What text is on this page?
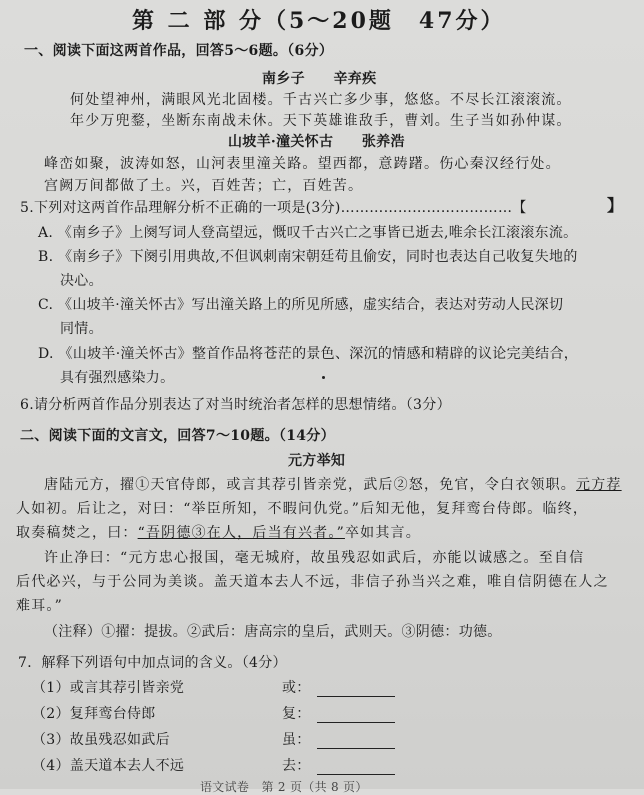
第 二 部 分（5～20题　47分）
一、阅读下面这两首作品，回答5～6题。（6分）
南乡子　　辛弃疾
何处望神州，满眼风光北固楼。千古兴亡多少事，悠悠。不尽长江滚滚流。
年少万兜鍪，坐断东南战未休。天下英雄谁敌手，曹刘。生子当如孙仲谋。
山坡羊·潼关怀古　　张养浩
峰峦如聚，波涛如怒，山河表里潼关路。望西都，意踌躇。伤心秦汉经行处。
宫阙万间都做了土。兴，百姓苦；亡，百姓苦。
5.下列对这两首作品理解分析不正确的一项是(3分)………………………………【	】
A. 《南乡子》上阕写词人登高望远，慨叹千古兴亡之事皆已逝去,唯余长江滚滚东流。
B. 《南乡子》下阕引用典故,不但讽刺南宋朝廷苟且偷安，同时也表达自己收复失地的
决心。
C. 《山坡羊·潼关怀古》写出潼关路上的所见所感，虚实结合，表达对劳动人民深切
同情。
D. 《山坡羊·潼关怀古》整首作品将苍茫的景色、深沉的情感和精辟的议论完美结合，
具有强烈感染力。
6.请分析两首作品分别表达了对当时统治者怎样的思想情绪。（3分）
二、阅读下面的文言文，回答7～10题。（14分）
元方举知
唐陆元方，擢①天官侍郎，或言其荐引皆亲党，武后②怒，免官，令白衣领职。元方荐
人如初。后让之，对曰：“举臣所知，不暇问仇党。”后知无他，复拜鸾台侍郎。临终，
取奏稿焚之，曰：“吾阴德③在人，后当有兴者。”卒如其言。
许止净曰：“元方忠心报国，毫无城府，故虽残忍如武后，亦能以诚感之。至自信
后代必兴，与于公同为美谈。盖天道本去人不远，非信子孙当兴之难，唯自信阴德在人之
难耳。”
（注释）①擢：提拔。②武后：唐高宗的皇后，武则天。③阴德：功德。
7．解释下列语句中加点词的含义。（4分）
（1）或言其荐引皆亲党	或：
（2）复拜鸾台侍郎	复：
（3）故虽残忍如武后	虽：
（4）盖天道本去人不远	去：
语文试卷　第 2 页（共 8 页）
